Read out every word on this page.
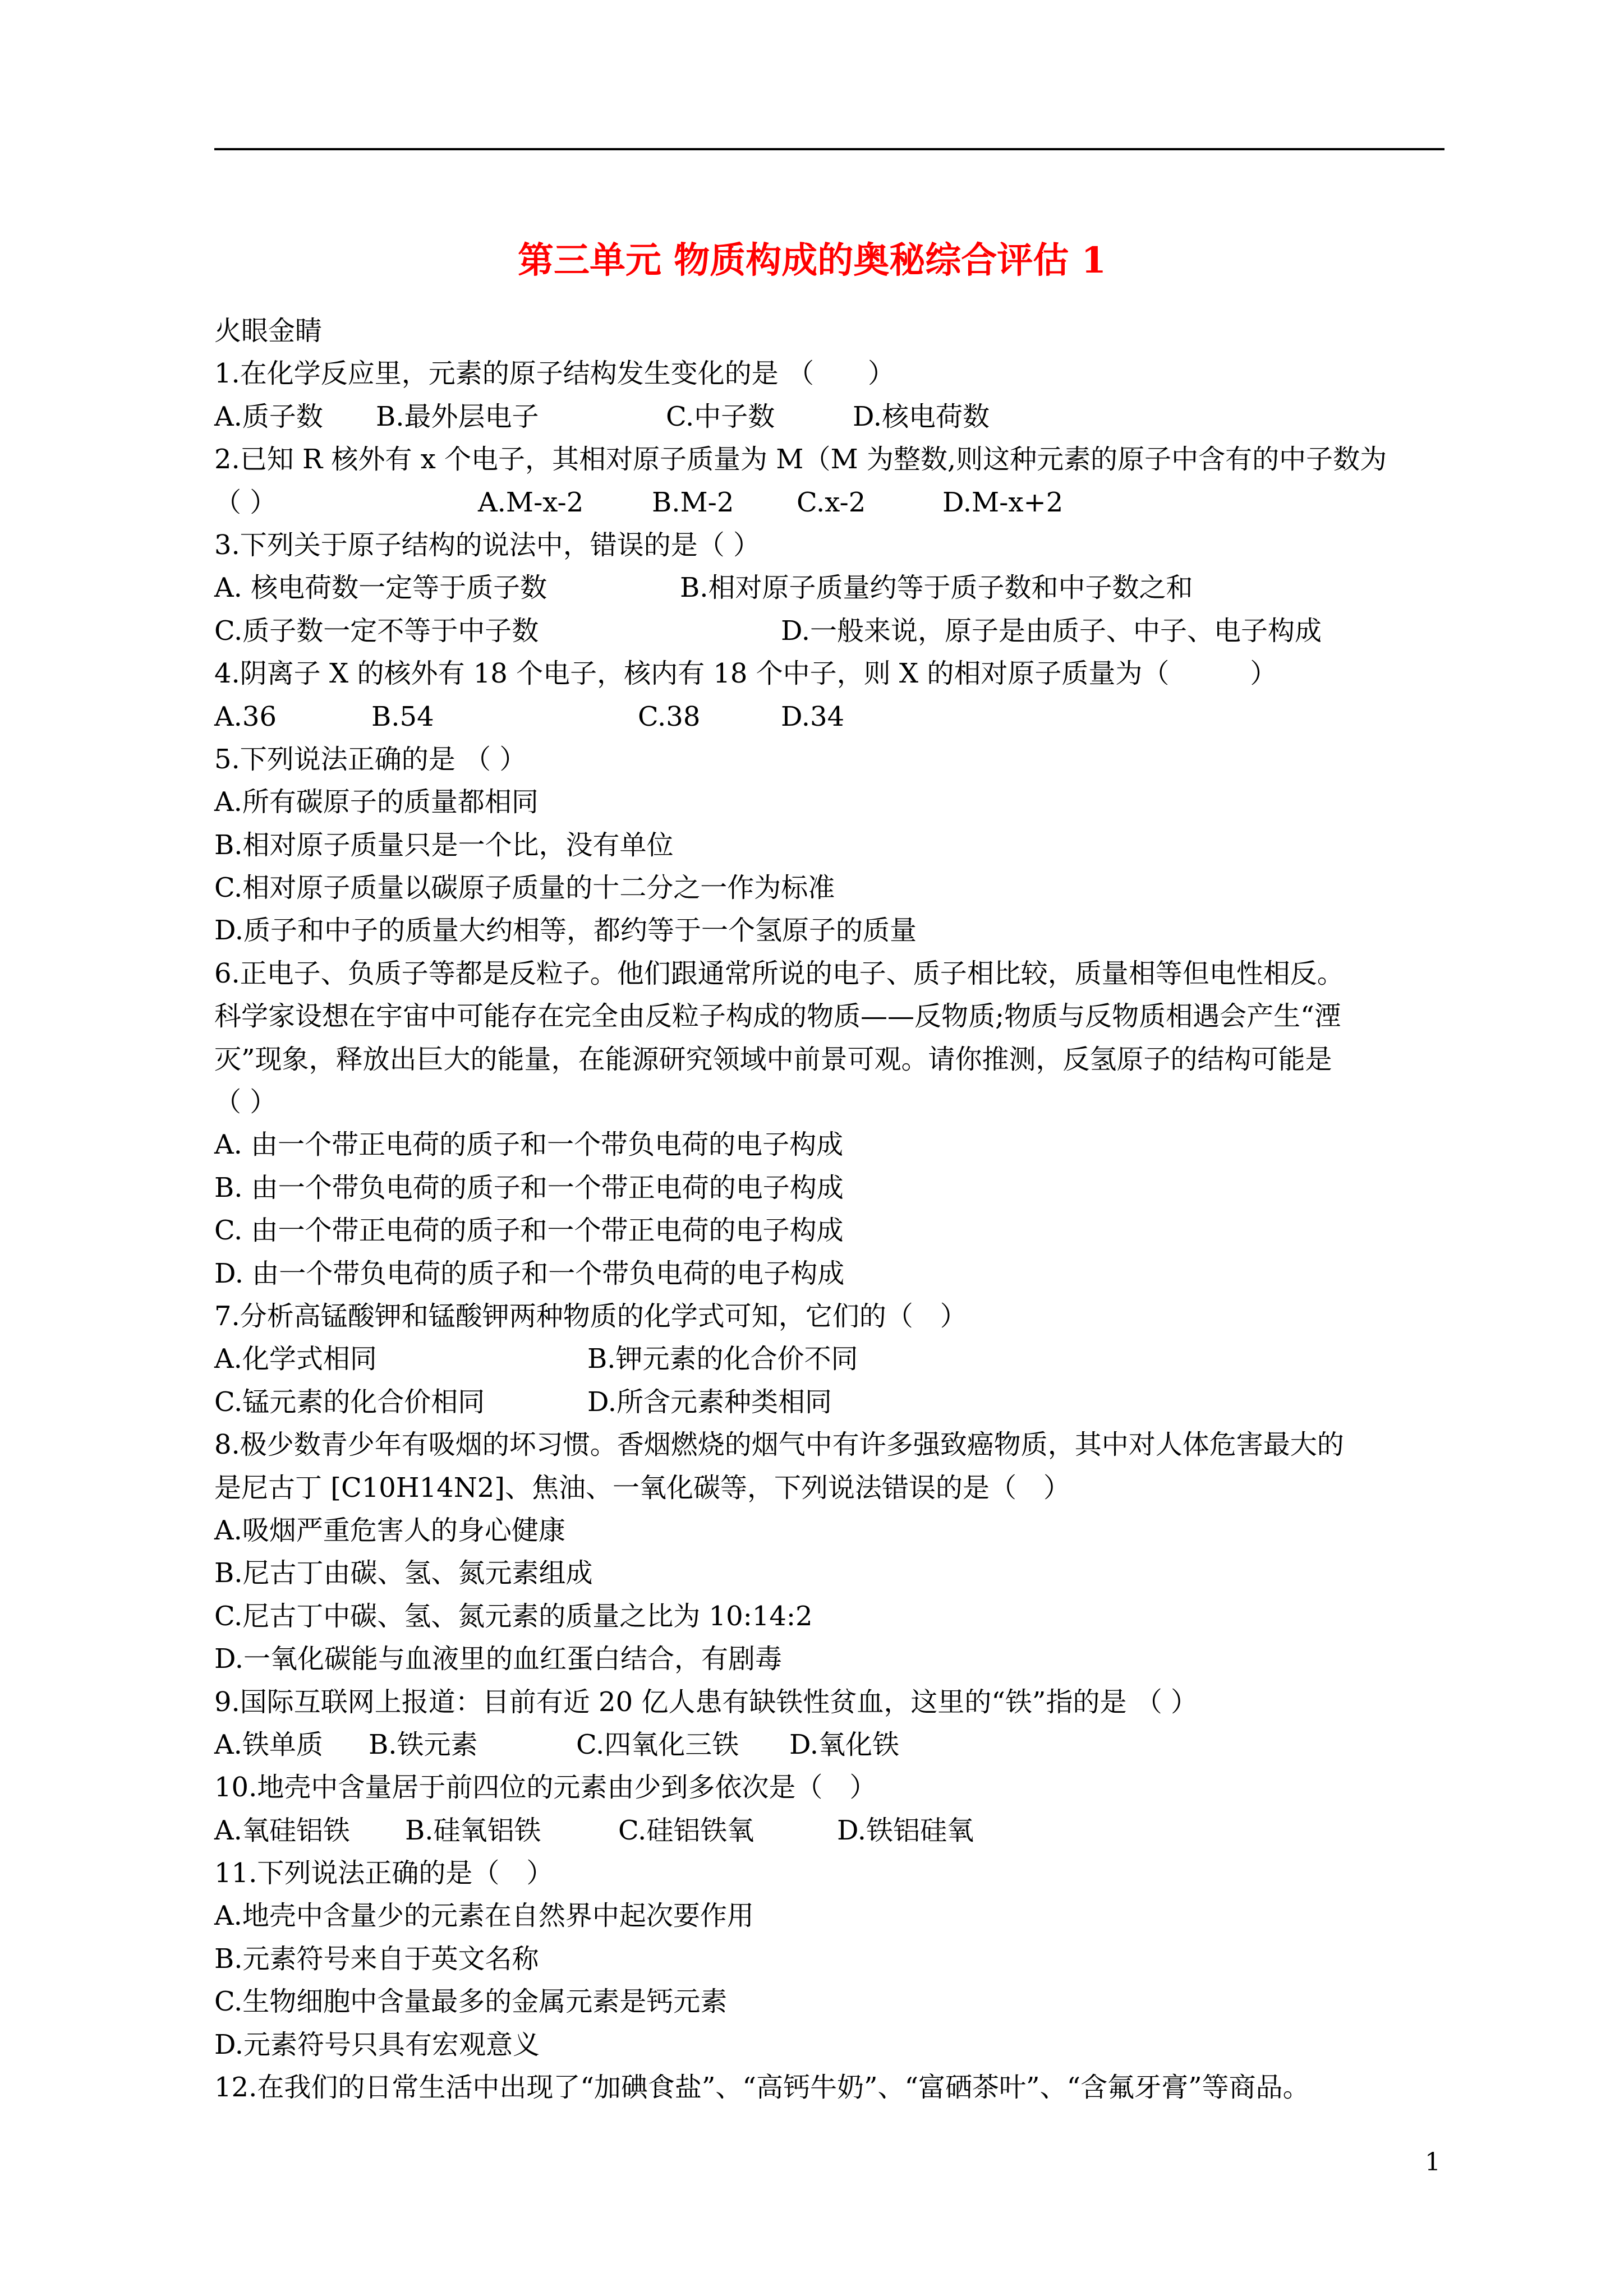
第三单元 物质构成的奥秘综合评估 1
火眼金睛
1.在化学反应里，元素的原子结构发生变化的是 （　　）
A.质子数 B.最外层电子	C.中子数	D.核电荷数
2.已知 R 核外有 x 个电子，其相对原子质量为 M（M 为整数,则这种元素的原子中含有的中子数为
（ ）	A.M-x-2	B.M-2 C.x-2	D.M-x+2
3.下列关于原子结构的说法中，错误的是（ ）
A. 核电荷数一定等于质子数	B.相对原子质量约等于质子数和中子数之和
C.质子数一定不等于中子数	D.一般来说，原子是由质子、中子、电子构成
4.阴离子 X 的核外有 18 个电子，核内有 18 个中子，则 X 的相对原子质量为（　　　）
A.36	B.54	C.38	D.34
5.下列说法正确的是 （ ）
A.所有碳原子的质量都相同
B.相对原子质量只是一个比，没有单位
C.相对原子质量以碳原子质量的十二分之一作为标准
D.质子和中子的质量大约相等，都约等于一个氢原子的质量
6.正电子、负质子等都是反粒子。他们跟通常所说的电子、质子相比较，质量相等但电性相反。
科学家设想在宇宙中可能存在完全由反粒子构成的物质——反物质;物质与反物质相遇会产生“湮
灭”现象，释放出巨大的能量，在能源研究领域中前景可观。请你推测，反氢原子的结构可能是
（ ）
A. 由一个带正电荷的质子和一个带负电荷的电子构成
B. 由一个带负电荷的质子和一个带正电荷的电子构成
C. 由一个带正电荷的质子和一个带正电荷的电子构成
D. 由一个带负电荷的质子和一个带负电荷的电子构成
7.分析高锰酸钾和锰酸钾两种物质的化学式可知，它们的（　）
A.化学式相同	B.钾元素的化合价不同
C.锰元素的化合价相同	D.所含元素种类相同
8.极少数青少年有吸烟的坏习惯。香烟燃烧的烟气中有许多强致癌物质，其中对人体危害最大的
是尼古丁 [C10H14N2]、焦油、一氧化碳等，下列说法错误的是（　）
A.吸烟严重危害人的身心健康
B.尼古丁由碳、氢、氮元素组成
C.尼古丁中碳、氢、氮元素的质量之比为 10:14:2
D.一氧化碳能与血液里的血红蛋白结合，有剧毒
9.国际互联网上报道：目前有近 20 亿人患有缺铁性贫血，这里的“铁”指的是 （ ）
A.铁单质 B.铁元素	C.四氧化三铁 D.氧化铁
10.地壳中含量居于前四位的元素由少到多依次是（　）
A.氧硅铝铁 B.硅氧铝铁	C.硅铝铁氧	D.铁铝硅氧
11.下列说法正确的是（　）
A.地壳中含量少的元素在自然界中起次要作用
B.元素符号来自于英文名称
C.生物细胞中含量最多的金属元素是钙元素
D.元素符号只具有宏观意义
12.在我们的日常生活中出现了“加碘食盐”、“高钙牛奶”、“富硒茶叶”、“含氟牙膏”等商品。
1
